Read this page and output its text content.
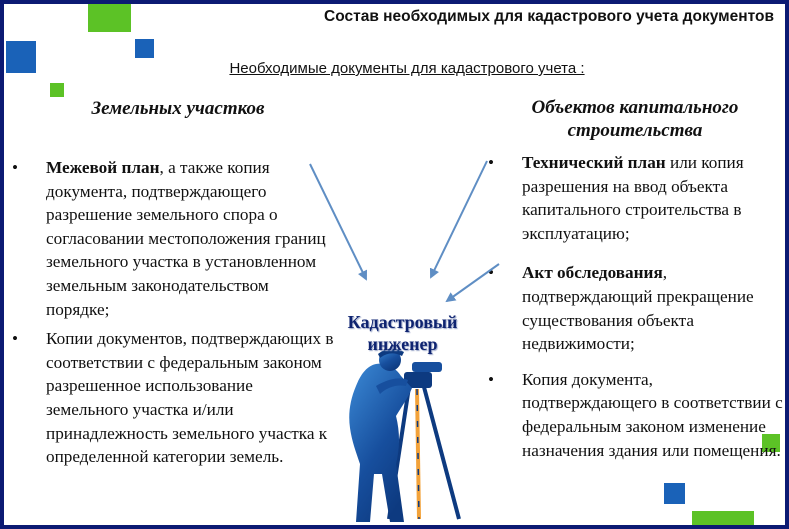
Состав необходимых для кадастрового учета документов
Необходимые документы для кадастрового учета :
Земельных участков	Объектов капитального строительства
• Межевой план, а также копия документа, подтверждающего разрешение земельного спора о согласовании местоположения границ земельного участка в установленном земельным законодательством порядке;
• Копии документов, подтверждающих в соответствии с федеральным законом разрешенное использование земельного участка и/или принадлежность земельного участка к определенной категории земель.
• Технический план или копия разрешения на ввод объекта капитального строительства в эксплуатацию;
• Акт обследования, подтверждающий прекращение существования объекта недвижимости;
• Копия документа, подтверждающего в соответствии с федеральным законом изменение назначения здания или помещения.
Кадастровый инженер
